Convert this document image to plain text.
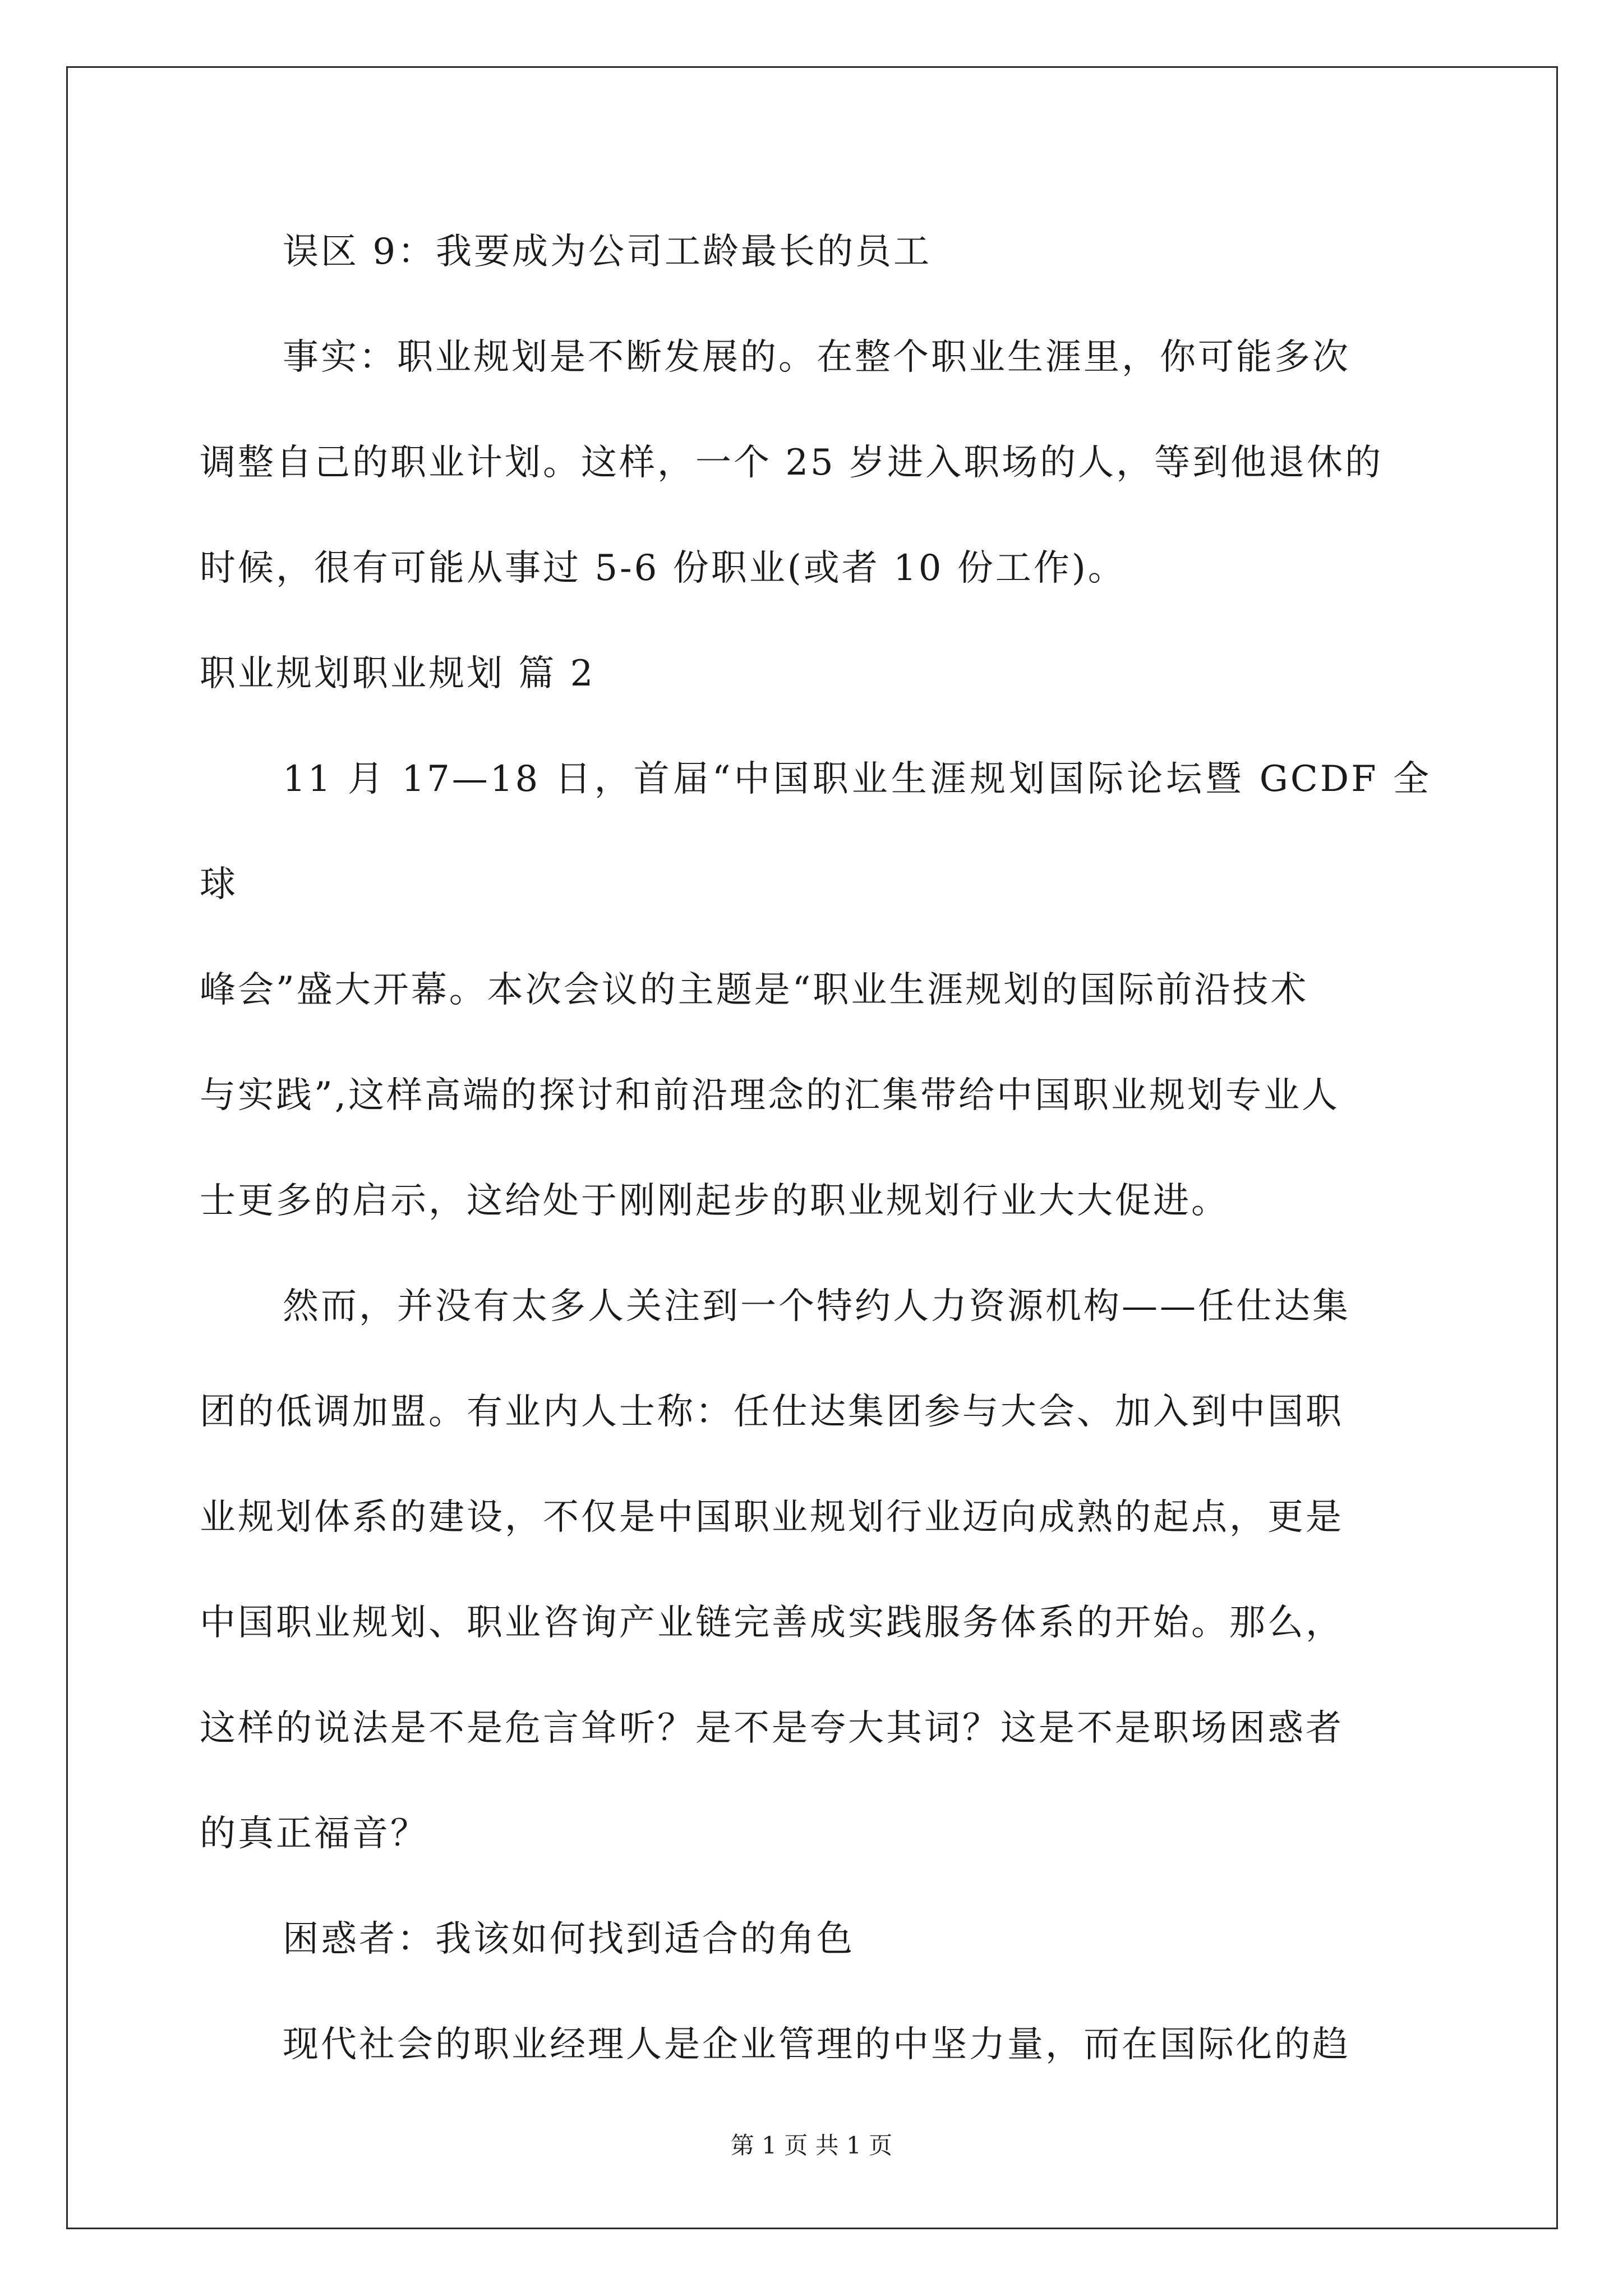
误区 9：我要成为公司工龄最长的员工

事实：职业规划是不断发展的。在整个职业生涯里，你可能多次
调整自己的职业计划。这样，一个 25 岁进入职场的人，等到他退休的
时候，很有可能从事过 5-6 份职业(或者 10 份工作)。

职业规划职业规划 篇 2

11 月 17—18 日，首届“中国职业生涯规划国际论坛暨 GCDF 全球
峰会”盛大开幕。本次会议的主题是“职业生涯规划的国际前沿技术
与实践”,这样高端的探讨和前沿理念的汇集带给中国职业规划专业人
士更多的启示，这给处于刚刚起步的职业规划行业大大促进。

然而，并没有太多人关注到一个特约人力资源机构——任仕达集
团的低调加盟。有业内人士称：任仕达集团参与大会、加入到中国职
业规划体系的建设，不仅是中国职业规划行业迈向成熟的起点，更是
中国职业规划、职业咨询产业链完善成实践服务体系的开始。那么，
这样的说法是不是危言耸听？是不是夸大其词？这是不是职场困惑者
的真正福音？

困惑者：我该如何找到适合的角色

现代社会的职业经理人是企业管理的中坚力量，而在国际化的趋

第 1 页 共 1 页
